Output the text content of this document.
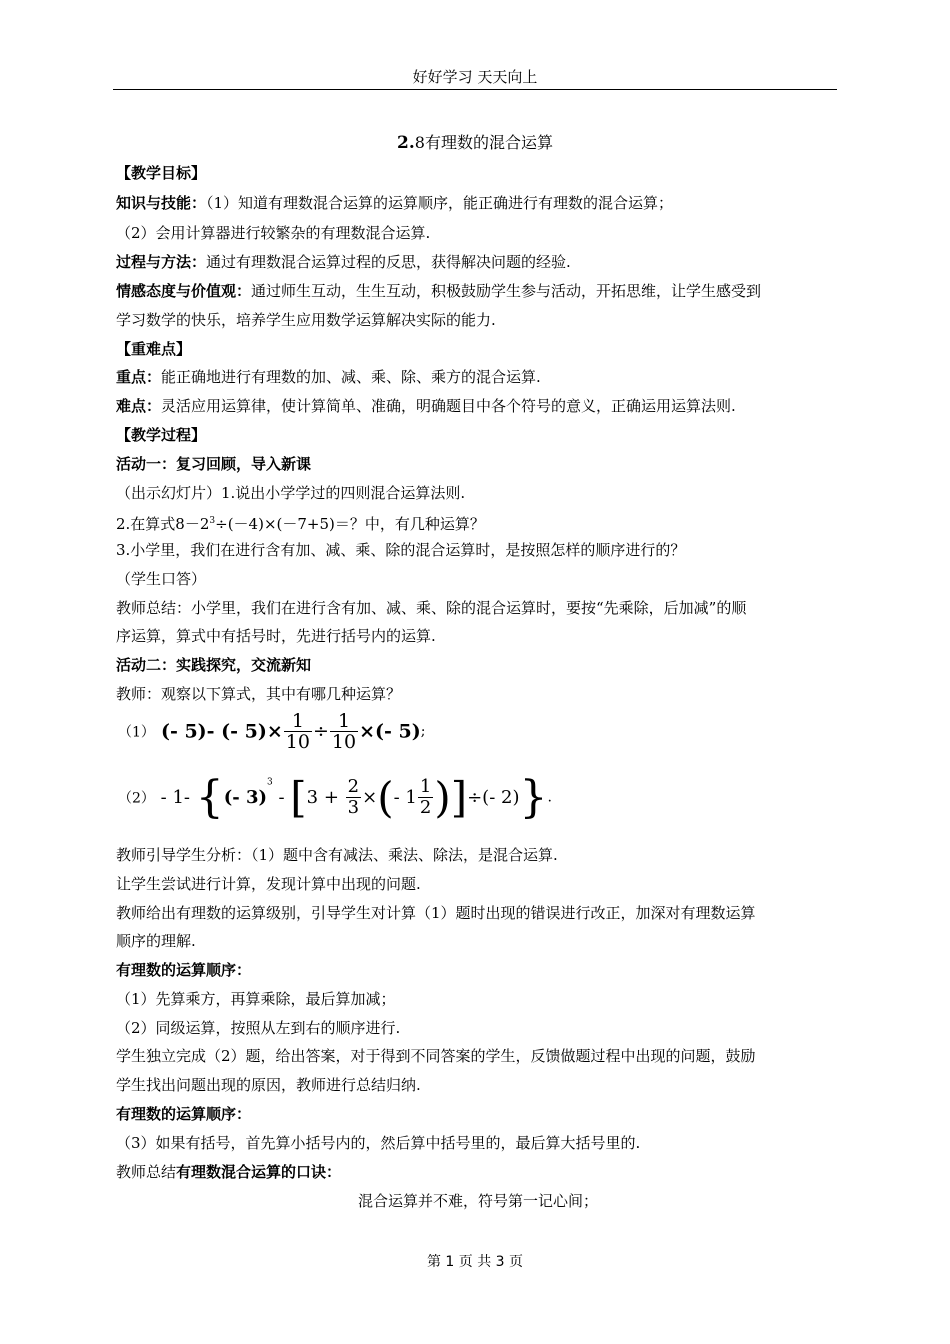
好好学习 天天向上
2.8有理数的混合运算
【教学目标】
知识与技能：（1）知道有理数混合运算的运算顺序，能正确进行有理数的混合运算；
（2）会用计算器进行较繁杂的有理数混合运算.
过程与方法：通过有理数混合运算过程的反思，获得解决问题的经验.
情感态度与价值观：通过师生互动，生生互动，积极鼓励学生参与活动，开拓思维，让学生感受到
学习数学的快乐，培养学生应用数学运算解决实际的能力.
【重难点】
重点：能正确地进行有理数的加、减、乘、除、乘方的混合运算.
难点：灵活应用运算律，使计算简单、准确，明确题目中各个符号的意义，正确运用运算法则.
【教学过程】
活动一：复习回顾，导入新课
（出示幻灯片）1.说出小学学过的四则混合运算法则.
2.在算式$8-2^3\div(-4)\times(-7+5)=$？中，有几种运算？
3.小学里，我们在进行含有加、减、乘、除的混合运算时，是按照怎样的顺序进行的？
（学生口答）
教师总结：小学里，我们在进行含有加、减、乘、除的混合运算时，要按“先乘除，后加减”的顺
序运算，算式中有括号时，先进行括号内的运算.
活动二：实践探究，交流新知
教师：观察以下算式，其中有哪几种运算？
（1） (- 5)- (- $5)\times \frac{1}{10} \div \frac{1}{10}$ ×(- 5);
（2） - 1- {(- $3)^3 - [3 + \frac{2}{3}$ ×(- $1 \frac{1}{2}$ )]÷(- 2)}.
教师引导学生分析：（1）题中含有减法、乘法、除法，是混合运算.
让学生尝试进行计算，发现计算中出现的问题.
教师给出有理数的运算级别，引导学生对计算（1）题时出现的错误进行改正，加深对有理数运算
顺序的理解.
有理数的运算顺序：
（1）先算乘方，再算乘除，最后算加减；
（2）同级运算，按照从左到右的顺序进行.
学生独立完成（2）题，给出答案，对于得到不同答案的学生，反馈做题过程中出现的问题，鼓励
学生找出问题出现的原因，教师进行总结归纳.
有理数的运算顺序：
（3）如果有括号，首先算小括号内的，然后算中括号里的，最后算大括号里的.
教师总结有理数混合运算的口诀：
混合运算并不难，符号第一记心间；
第 1 页 共 3 页
